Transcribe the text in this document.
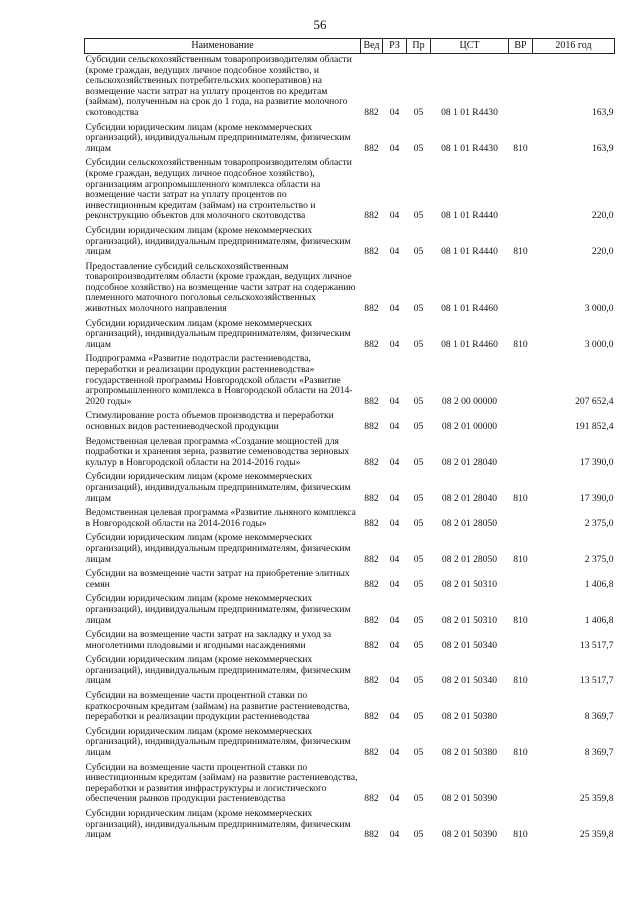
56
Наименование	Вед	РЗ	Пр	ЦСТ	ВР	2016 год
Субсидии сельскохозяйственным товаропроизводителям области (кроме граждан, ведущих личное подсобное хозяйство, и сельскохозяйственных потребительских кооперативов) на возмещение части затрат на уплату процентов по кредитам (займам), полученным на срок до 1 года, на развитие молочного скотоводства	882	04	05	08 1 01 R4430		163,9
Субсидии юридическим лицам (кроме некоммерческих организаций), индивидуальным предпринимателям, физическим лицам	882	04	05	08 1 01 R4430	810	163,9
Субсидии сельскохозяйственным товаропроизводителям области (кроме граждан, ведущих личное подсобное хозяйство), организациям агропромышленного комплекса области на возмещение части затрат на уплату процентов по инвестиционным кредитам (займам) на строительство и реконструкцию объектов для молочного скотоводства	882	04	05	08 1 01 R4440		220,0
Субсидии юридическим лицам (кроме некоммерческих организаций), индивидуальным предпринимателям, физическим лицам	882	04	05	08 1 01 R4440	810	220,0
Предоставление субсидий сельскохозяйственным товаропроизводителям области (кроме граждан, ведущих личное подсобное хозяйство) на возмещение части затрат на содержанию племенного маточного поголовья сельскохозяйственных животных молочного направления	882	04	05	08 1 01 R4460		3 000,0
Субсидии юридическим лицам (кроме некоммерческих организаций), индивидуальным предпринимателям, физическим лицам	882	04	05	08 1 01 R4460	810	3 000,0
Подпрограмма «Развитие подотрасли растениеводства, переработки и реализации продукции растениеводства» государственной программы Новгородской области «Развитие агропромышленного комплекса в Новгородской области на 2014-2020 годы»	882	04	05	08 2 00 00000		207 652,4
Стимулирование роста объемов производства и переработки основных видов растениеводческой продукции	882	04	05	08 2 01 00000		191 852,4
Ведомственная целевая программа «Создание мощностей для подработки и хранения зерна, развитие семеноводства зерновых культур в Новгородской области на 2014-2016 годы»	882	04	05	08 2 01 28040		17 390,0
Субсидии юридическим лицам (кроме некоммерческих организаций), индивидуальным предпринимателям, физическим лицам	882	04	05	08 2 01 28040	810	17 390,0
Ведомственная целевая программа «Развитие льняного комплекса в Новгородской области на 2014-2016 годы»	882	04	05	08 2 01 28050		2 375,0
Субсидии юридическим лицам (кроме некоммерческих организаций), индивидуальным предпринимателям, физическим лицам	882	04	05	08 2 01 28050	810	2 375,0
Субсидии на возмещение части затрат на приобретение элитных семян	882	04	05	08 2 01 50310		1 406,8
Субсидии юридическим лицам (кроме некоммерческих организаций), индивидуальным предпринимателям, физическим лицам	882	04	05	08 2 01 50310	810	1 406,8
Субсидии на возмещение части затрат на закладку и уход за многолетними плодовыми и ягодными насаждениями	882	04	05	08 2 01 50340		13 517,7
Субсидии юридическим лицам (кроме некоммерческих организаций), индивидуальным предпринимателям, физическим лицам	882	04	05	08 2 01 50340	810	13 517,7
Субсидии на возмещение части процентной ставки по краткосрочным кредитам (займам) на развитие растениеводства, переработки и реализации продукции растениеводства	882	04	05	08 2 01 50380		8 369,7
Субсидии юридическим лицам (кроме некоммерческих организаций), индивидуальным предпринимателям, физическим лицам	882	04	05	08 2 01 50380	810	8 369,7
Субсидии на возмещение части процентной ставки по инвестиционным кредитам (займам) на развитие растениеводства, переработки и развития инфраструктуры и логистического обеспечения рынков продукции растениеводства	882	04	05	08 2 01 50390		25 359,8
Субсидии юридическим лицам (кроме некоммерческих организаций), индивидуальным предпринимателям, физическим лицам	882	04	05	08 2 01 50390	810	25 359,8
